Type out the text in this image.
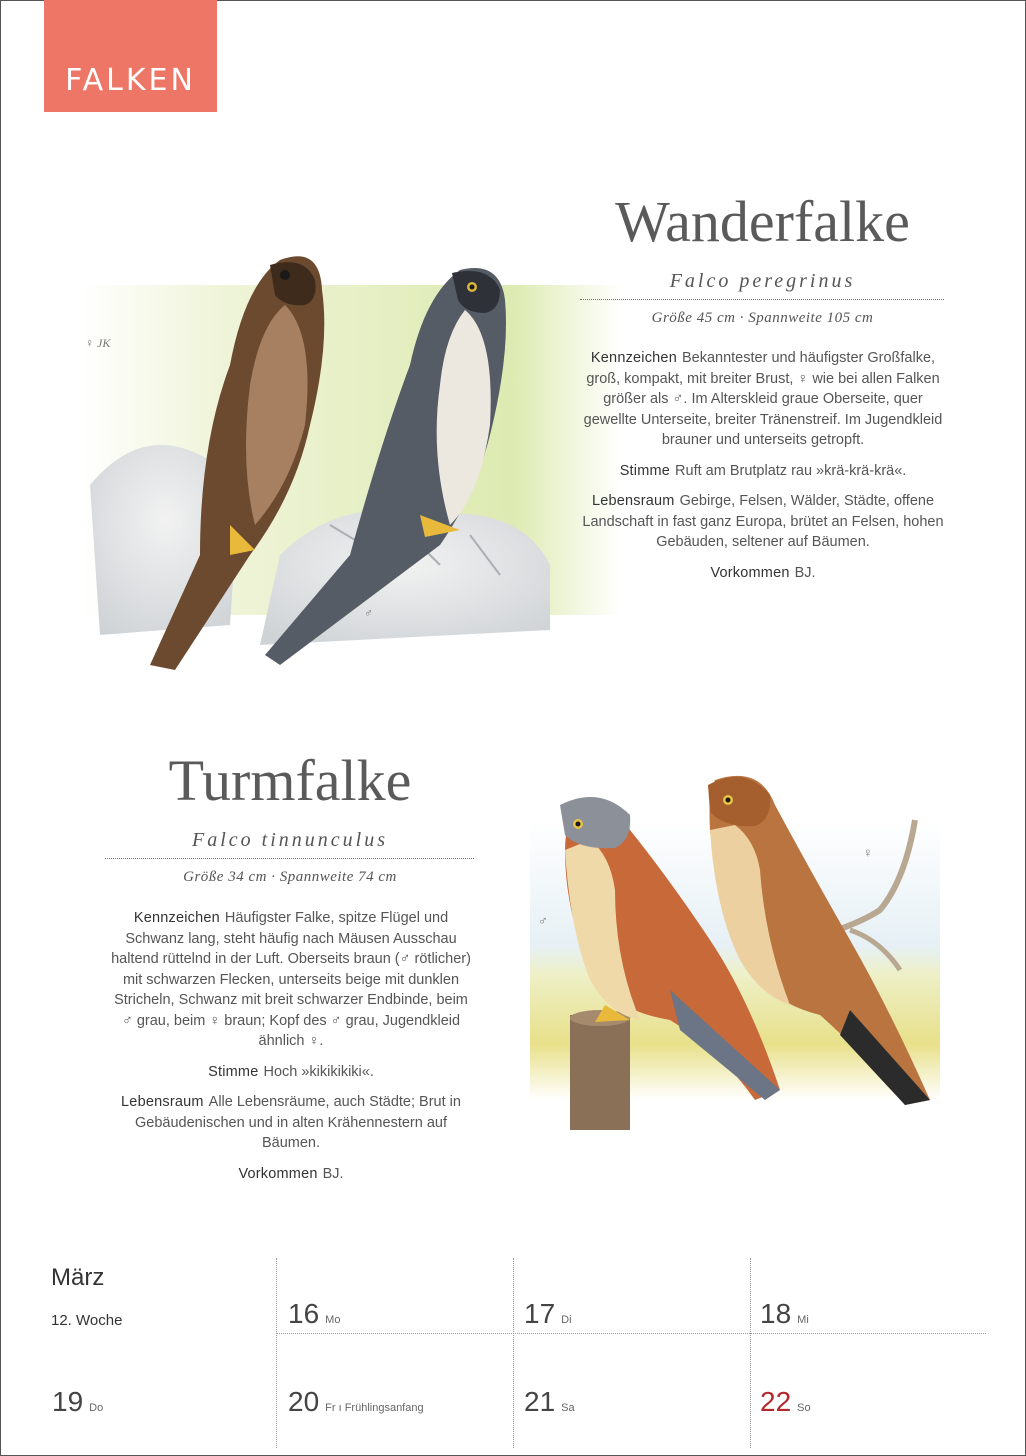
FALKEN
♀ JK
♂
Wanderfalke
Falco peregrinus
Größe 45 cm · Spannweite 105 cm

Kennzeichen Bekanntester und häufigster Großfalke, groß, kompakt, mit breiter Brust, ♀ wie bei allen Falken größer als ♂. Im Alterskleid graue Oberseite, quer gewellte Unterseite, breiter Tränenstreif. Im Jugendkleid brauner und unterseits getropft.

Stimme Ruft am Brutplatz rau »krä-krä-krä«.

Lebensraum Gebirge, Felsen, Wälder, Städte, offene Landschaft in fast ganz Europa, brütet an Felsen, hohen Gebäuden, seltener auf Bäumen.

Vorkommen BJ.

Turmfalke
Falco tinnunculus
Größe 34 cm · Spannweite 74 cm

Kennzeichen Häufigster Falke, spitze Flügel und Schwanz lang, steht häufig nach Mäusen Ausschau haltend rüttelnd in der Luft. Oberseits braun (♂ rötlicher) mit schwarzen Flecken, unterseits beige mit dunklen Stricheln, Schwanz mit breit schwarzer Endbinde, beim ♂ grau, beim ♀ braun; Kopf des ♂ grau, Jugendkleid ähnlich ♀.

Stimme Hoch »kikikikiki«.

Lebensraum Alle Lebensräume, auch Städte; Brut in Gebäudenischen und in alten Krähennestern auf Bäumen.

Vorkommen BJ.

♂
♀
März
12. Woche	16 Mo	17 Di	18 Mi
19 Do	20 Fr ı Frühlingsanfang	21 Sa	22 So
